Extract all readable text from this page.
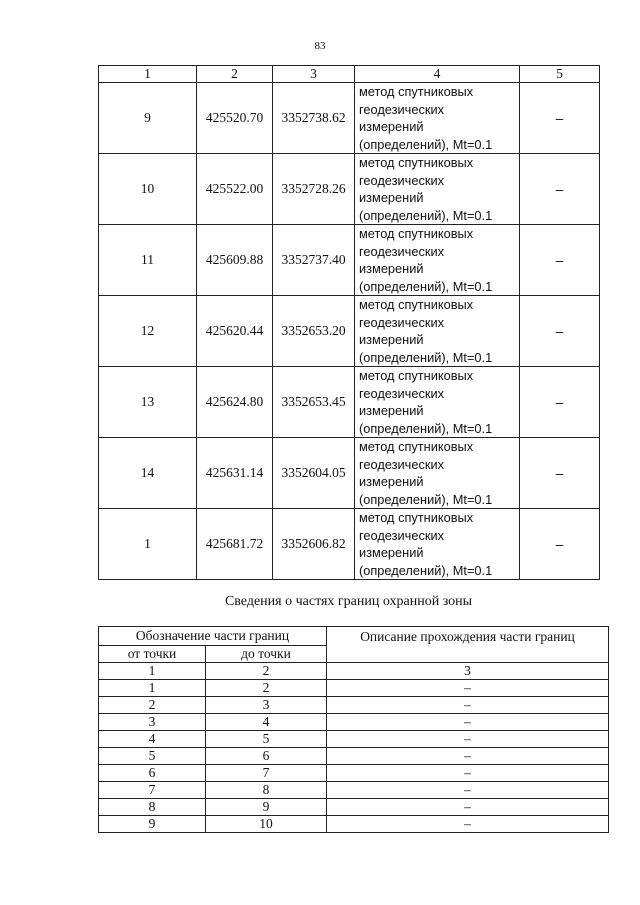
83
1	2	3	4	5
9	425520.70	3352738.62	метод спутниковых
геодезических
измерений
(определений), Mt=0.1	–
10	425522.00	3352728.26	метод спутниковых
геодезических
измерений
(определений), Mt=0.1	–
11	425609.88	3352737.40	метод спутниковых
геодезических
измерений
(определений), Mt=0.1	–
12	425620.44	3352653.20	метод спутниковых
геодезических
измерений
(определений), Mt=0.1	–
13	425624.80	3352653.45	метод спутниковых
геодезических
измерений
(определений), Mt=0.1	–
14	425631.14	3352604.05	метод спутниковых
геодезических
измерений
(определений), Mt=0.1	–
1	425681.72	3352606.82	метод спутниковых
геодезических
измерений
(определений), Mt=0.1	–
Сведения о частях границ охранной зоны
Обозначение части границ		Описание прохождения части границ
от точки	до точки	
1	2	3
1	2	–
2	3	–
3	4	–
4	5	–
5	6	–
6	7	–
7	8	–
8	9	–
9	10	–
